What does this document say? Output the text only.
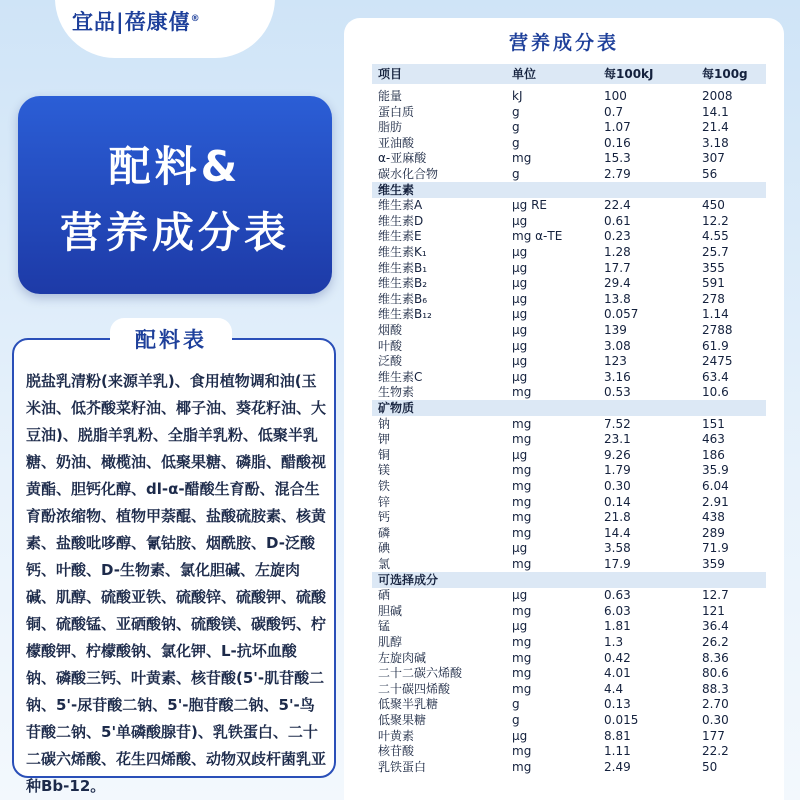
宜品|蓓康僖®
配料&
营养成分表
配料表
脱盐乳清粉(来源羊乳)、食用植物调和油(玉米油、低芥酸菜籽油、椰子油、葵花籽油、大豆油)、脱脂羊乳粉、全脂羊乳粉、低聚半乳糖、奶油、橄榄油、低聚果糖、磷脂、醋酸视黄酯、胆钙化醇、dl-α-醋酸生育酚、混合生育酚浓缩物、植物甲萘醌、盐酸硫胺素、核黄素、盐酸吡哆醇、氰钴胺、烟酰胺、D-泛酸钙、叶酸、D-生物素、氯化胆碱、左旋肉碱、肌醇、硫酸亚铁、硫酸锌、硫酸钾、硫酸铜、硫酸锰、亚硒酸钠、硫酸镁、碳酸钙、柠檬酸钾、柠檬酸钠、氯化钾、L-抗坏血酸钠、磷酸三钙、叶黄素、核苷酸(5'-肌苷酸二钠、5'-尿苷酸二钠、5'-胞苷酸二钠、5'-鸟苷酸二钠、5'单磷酸腺苷)、乳铁蛋白、二十二碳六烯酸、花生四烯酸、动物双歧杆菌乳亚种Bb-12。
营养成分表
项目	单位	每100kJ	每100g
能量	kJ	100	2008
蛋白质	g	0.7	14.1
脂肪	g	1.07	21.4
亚油酸	g	0.16	3.18
α-亚麻酸	mg	15.3	307
碳水化合物	g	2.79	56
维生素
维生素A	μg RE	22.4	450
维生素D	μg	0.61	12.2
维生素E	mg α-TE	0.23	4.55
维生素K₁	μg	1.28	25.7
维生素B₁	μg	17.7	355
维生素B₂	μg	29.4	591
维生素B₆	μg	13.8	278
维生素B₁₂	μg	0.057	1.14
烟酸	μg	139	2788
叶酸	μg	3.08	61.9
泛酸	μg	123	2475
维生素C	μg	3.16	63.4
生物素	mg	0.53	10.6
矿物质
钠	mg	7.52	151
钾	mg	23.1	463
铜	μg	9.26	186
镁	mg	1.79	35.9
铁	mg	0.30	6.04
锌	mg	0.14	2.91
钙	mg	21.8	438
磷	mg	14.4	289
碘	μg	3.58	71.9
氯	mg	17.9	359
可选择成分
硒	μg	0.63	12.7
胆碱	mg	6.03	121
锰	μg	1.81	36.4
肌醇	mg	1.3	26.2
左旋肉碱	mg	0.42	8.36
二十二碳六烯酸	mg	4.01	80.6
二十碳四烯酸	mg	4.4	88.3
低聚半乳糖	g	0.13	2.70
低聚果糖	g	0.015	0.30
叶黄素	μg	8.81	177
核苷酸	mg	1.11	22.2
乳铁蛋白	mg	2.49	50
